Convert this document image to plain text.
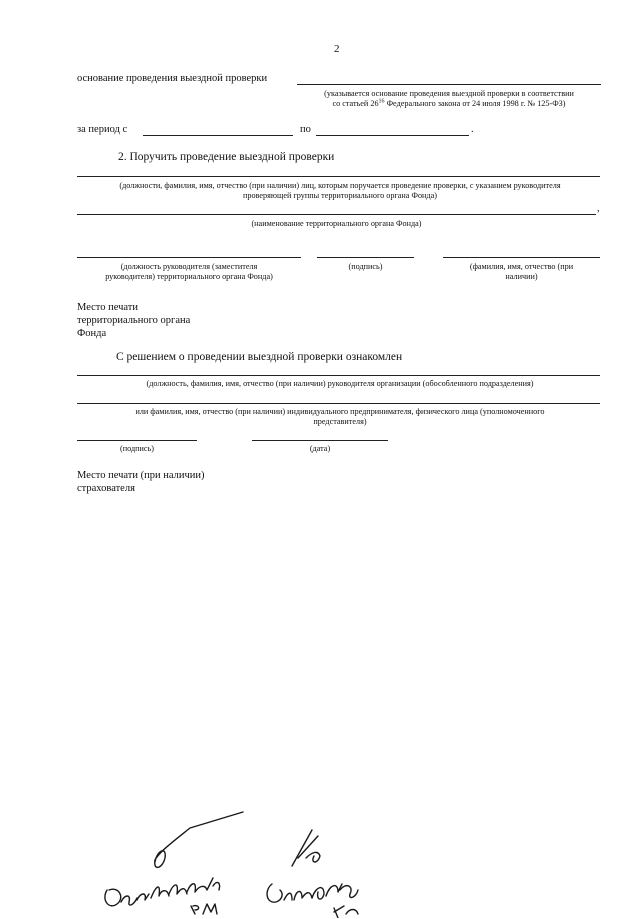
2
основание проведения выездной проверки
(указывается основание проведения выездной проверки в соответствии
со статьей $26^{16}$ Федерального закона от 24 июля 1998 г. № 125-ФЗ)
за период с	по	.
2. Поручить проведение выездной проверки
(должности, фамилия, имя, отчество (при наличии) лиц, которым поручается проведение проверки, с указанием руководителя
проверяющей группы территориального органа Фонда)
,
(наименование территориального органа Фонда)
(должность руководителя (заместителя
руководителя) территориального органа Фонда)
(подпись)	(фамилия, имя, отчество (при
наличии)
Место печати
территориального органа
Фонда
С решением о проведении выездной проверки ознакомлен
(должность, фамилия, имя, отчество (при наличии) руководителя организации (обособленного подразделения)
или фамилия, имя, отчество (при наличии) индивидуального предпринимателя, физического лица (уполномоченного
представителя)
(подпись)	(дата)
Место печати (при наличии)
страхователя
